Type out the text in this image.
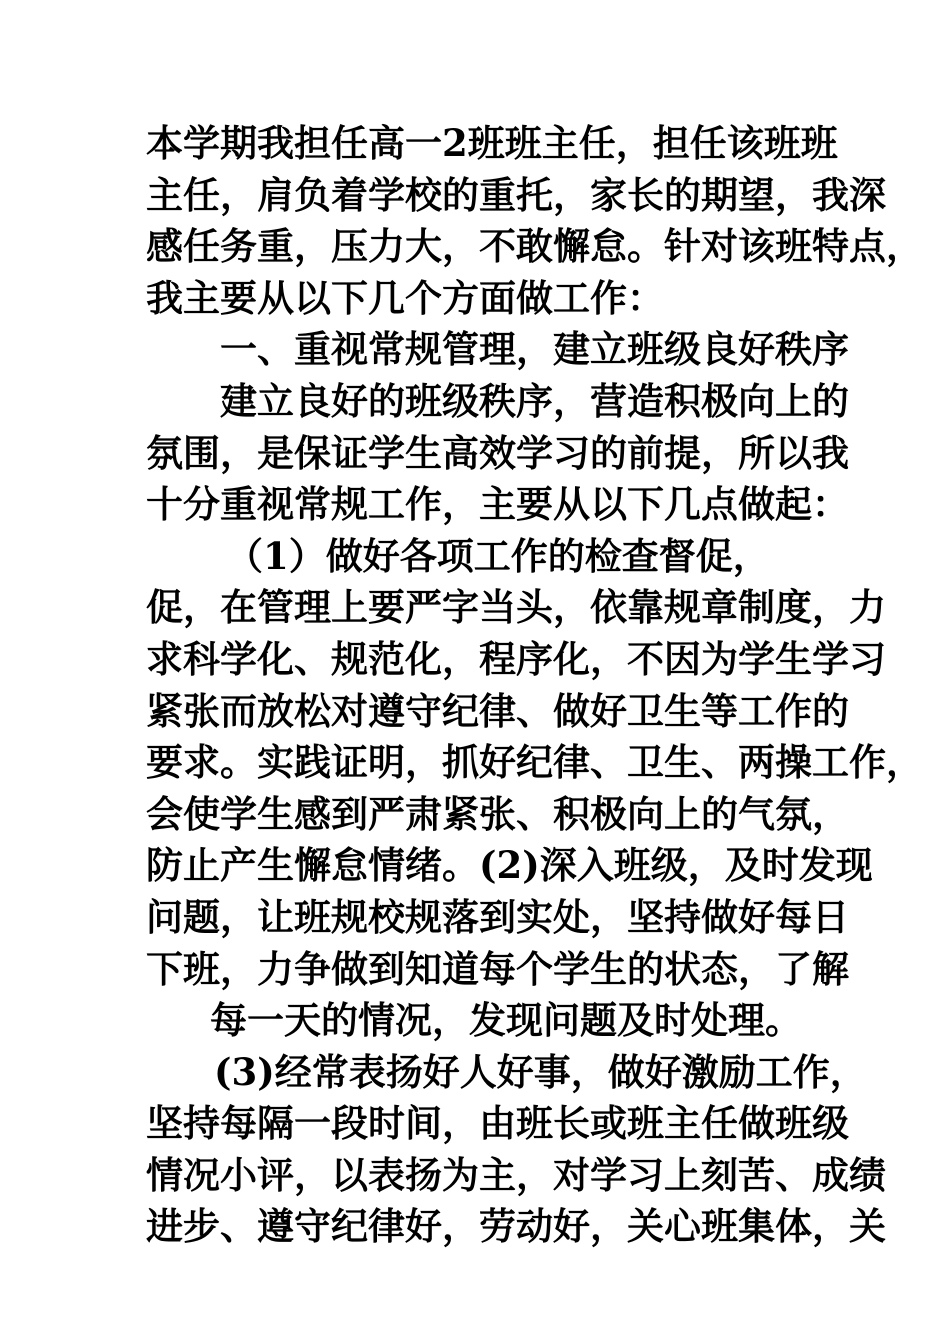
本学期我担任高一2班班主任，担任该班班
主任，肩负着学校的重托，家长的期望，我深
感任务重，压力大，不敢懈怠。针对该班特点，
我主要从以下几个方面做工作：
一、重视常规管理，建立班级良好秩序
建立良好的班级秩序，营造积极向上的
氛围，是保证学生高效学习的前提，所以我
十分重视常规工作，主要从以下几点做起：
（1）做好各项工作的检查督促，
促，在管理上要严字当头，依靠规章制度，力
求科学化、规范化，程序化，不因为学生学习
紧张而放松对遵守纪律、做好卫生等工作的
要求。实践证明，抓好纪律、卫生、两操工作，
会使学生感到严肃紧张、积极向上的气氛，
防止产生懈怠情绪。(2)深入班级，及时发现
问题，让班规校规落到实处，坚持做好每日
下班，力争做到知道每个学生的状态，了解
每一天的情况，发现问题及时处理。
(3)经常表扬好人好事，做好激励工作，
坚持每隔一段时间，由班长或班主任做班级
情况小评，以表扬为主，对学习上刻苦、成绩
进步、遵守纪律好，劳动好，关心班集体，关
